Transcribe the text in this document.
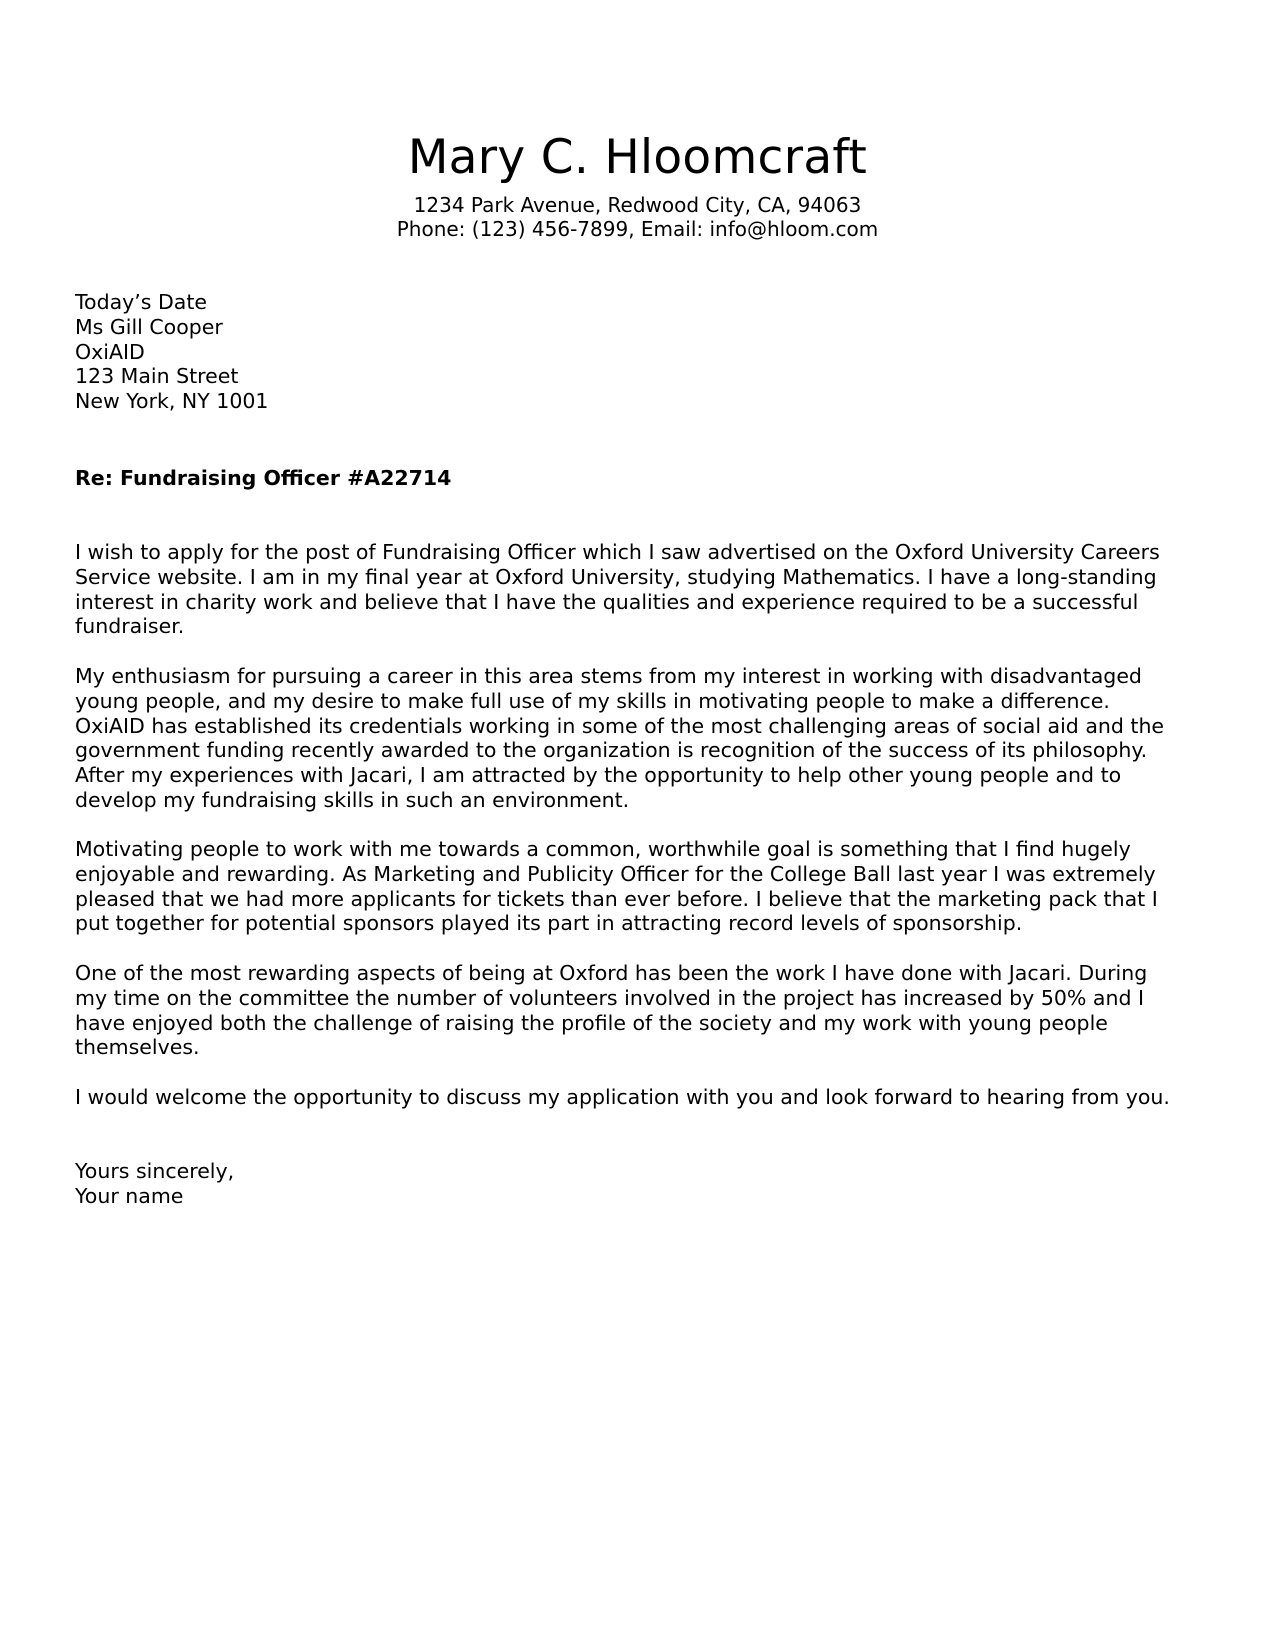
Mary C. Hloomcraft
1234 Park Avenue, Redwood City, CA, 94063
Phone: (123) 456-7899, Email: info@hloom.com
Today’s Date
Ms Gill Cooper
OxiAID
123 Main Street
New York, NY 1001
Re: Fundraising Officer #A22714
I wish to apply for the post of Fundraising Officer which I saw advertised on the Oxford University Careers
Service website. I am in my final year at Oxford University, studying Mathematics. I have a long-standing
interest in charity work and believe that I have the qualities and experience required to be a successful
fundraiser.
My enthusiasm for pursuing a career in this area stems from my interest in working with disadvantaged
young people, and my desire to make full use of my skills in motivating people to make a difference.
OxiAID has established its credentials working in some of the most challenging areas of social aid and the
government funding recently awarded to the organization is recognition of the success of its philosophy.
After my experiences with Jacari, I am attracted by the opportunity to help other young people and to
develop my fundraising skills in such an environment.
Motivating people to work with me towards a common, worthwhile goal is something that I find hugely
enjoyable and rewarding. As Marketing and Publicity Officer for the College Ball last year I was extremely
pleased that we had more applicants for tickets than ever before. I believe that the marketing pack that I
put together for potential sponsors played its part in attracting record levels of sponsorship.
One of the most rewarding aspects of being at Oxford has been the work I have done with Jacari. During
my time on the committee the number of volunteers involved in the project has increased by 50% and I
have enjoyed both the challenge of raising the profile of the society and my work with young people
themselves.
I would welcome the opportunity to discuss my application with you and look forward to hearing from you.
Yours sincerely,
Your name
